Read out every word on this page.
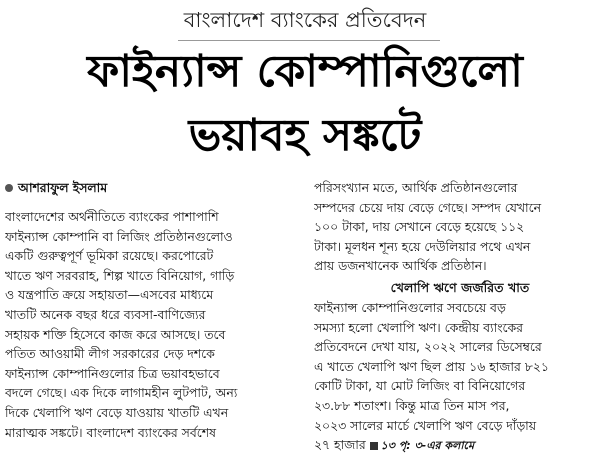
বাংলাদেশ ব্যাংকের প্রতিবেদন
ফাইন্যান্স কোম্পানিগুলো
ভয়াবহ সঙ্কটে
আশরাফুল ইসলাম
বাংলাদেশের অর্থনীতিতে ব্যাংকের পাশাপাশি
ফাইন্যান্স কোম্পানি বা লিজিং প্রতিষ্ঠানগুলোও
একটি গুরুত্বপূর্ণ ভূমিকা রয়েছে। করপোরেট
খাতে ঋণ সরবরাহ, শিল্প খাতে বিনিয়োগ, গাড়ি
ও যন্ত্রপাতি ক্রয়ে সহায়তা—এসবের মাধ্যমে
খাতটি অনেক বছর ধরে ব্যবসা-বাণিজ্যের
সহায়ক শক্তি হিসেবে কাজ করে আসছে। তবে
পতিত আওয়ামী লীগ সরকারের দেড় দশকে
ফাইন্যান্স কোম্পানিগুলোর চিত্র ভয়াবহভাবে
বদলে গেছে। এক দিকে লাগামহীন লুটপাট, অন্য
দিকে খেলাপি ঋণ বেড়ে যাওয়ায় খাতটি এখন
মারাত্মক সঙ্কটে। বাংলাদেশ ব্যাংকের সর্বশেষ
পরিসংখ্যান মতে, আর্থিক প্রতিষ্ঠানগুলোর
সম্পদের চেয়ে দায় বেড়ে গেছে। সম্পদ যেখানে
১০০ টাকা, দায় সেখানে বেড়ে হয়েছে ১১২
টাকা। মূলধন শূন্য হয়ে দেউলিয়ার পথে এখন
প্রায় ডজনখানেক আর্থিক প্রতিষ্ঠান।
খেলাপি ঋণে জর্জরিত খাত
ফাইন্যান্স কোম্পানিগুলোর সবচেয়ে বড়
সমস্যা হলো খেলাপি ঋণ। কেন্দ্রীয় ব্যাংকের
প্রতিবেদনে দেখা যায়, ২০২২ সালের ডিসেম্বরে
এ খাতে খেলাপি ঋণ ছিল প্রায় ১৬ হাজার ৮২১
কোটি টাকা, যা মোট লিজিং বা বিনিয়োগের
২৩.৮৮ শতাংশ। কিন্তু মাত্র তিন মাস পর,
২০২৩ সালের মার্চে খেলাপি ঋণ বেড়ে দাঁড়ায়
২৭ হাজার ১৩ পৃ: ৩-এর কলামে
